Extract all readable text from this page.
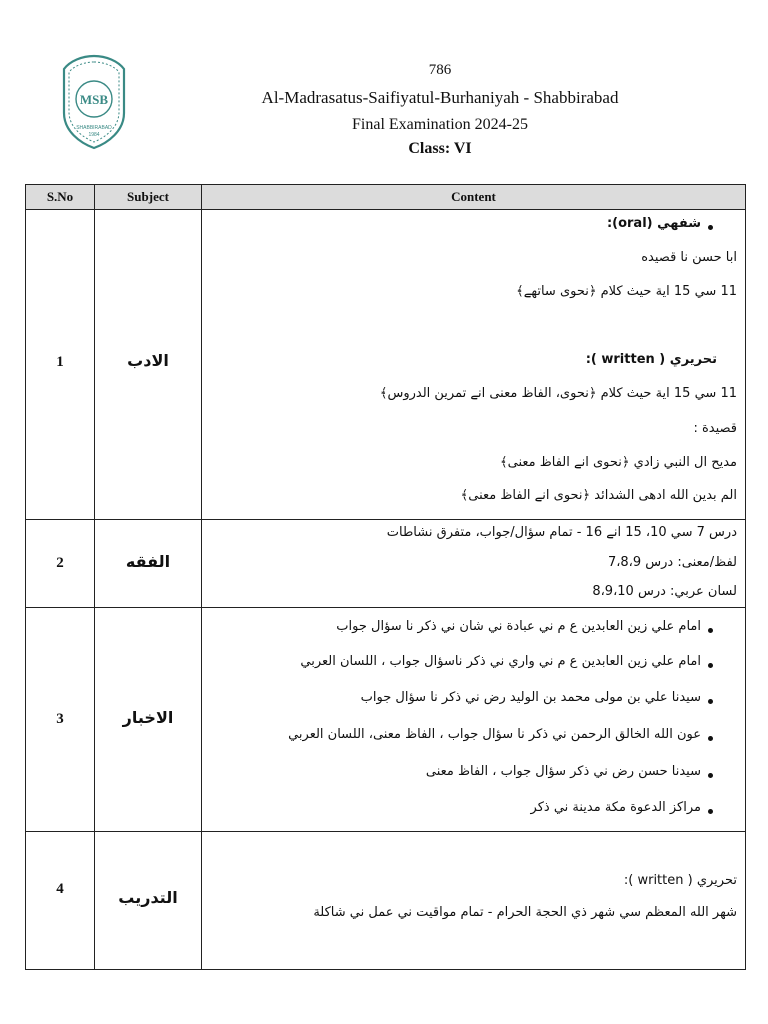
MSB
SHABBIRABAD
1984
786
Al-Madrasatus-Saifiyatul-Burhaniyah - Shabbirabad
Final Examination 2024-25
Class: VI
S.No	Subject	Content
1	الادب
شفهي (oral):
ابا حسن نا قصيده
11 سي 15 اية حيث كلام ﴿نحوى ساتهے﴾
تحريري ( written ):
11 سي 15 اية حيث كلام ﴿نحوى، الفاظ معنى انے تمرين الدروس﴾
قصيدة :
مديح ال النبي زادي ﴿نحوى انے الفاظ معنى﴾
الم بدين الله ادهى الشدائد ﴿نحوى انے الفاظ معنى﴾
2	الفقه
درس 7 سي 10، 15 انے 16 - تمام سؤال/جواب، متفرق نشاطات
لفظ/معنى: درس 7،8،9
لسان عربي: درس 8،9،10
3	الاخبار
امام علي زين العابدين ع م ني عبادة ني شان ني ذكر نا سؤال جواب
امام علي زين العابدين ع م ني واري ني ذكر ناسؤال جواب ، اللسان العربي
سيدنا علي بن مولى محمد بن الوليد رض ني ذكر نا سؤال جواب
عون الله الخالق الرحمن ني ذكر نا سؤال جواب ، الفاظ معنى، اللسان العربي
سيدنا حسن رض ني ذكر سؤال جواب ، الفاظ معنى
مراكز الدعوة مكة مدينة ني ذكر
4	التدريب
تحريري ( written ):
شهر الله المعظم سي شهر ذي الحجة الحرام - تمام مواقيت ني عمل ني شاكلة
